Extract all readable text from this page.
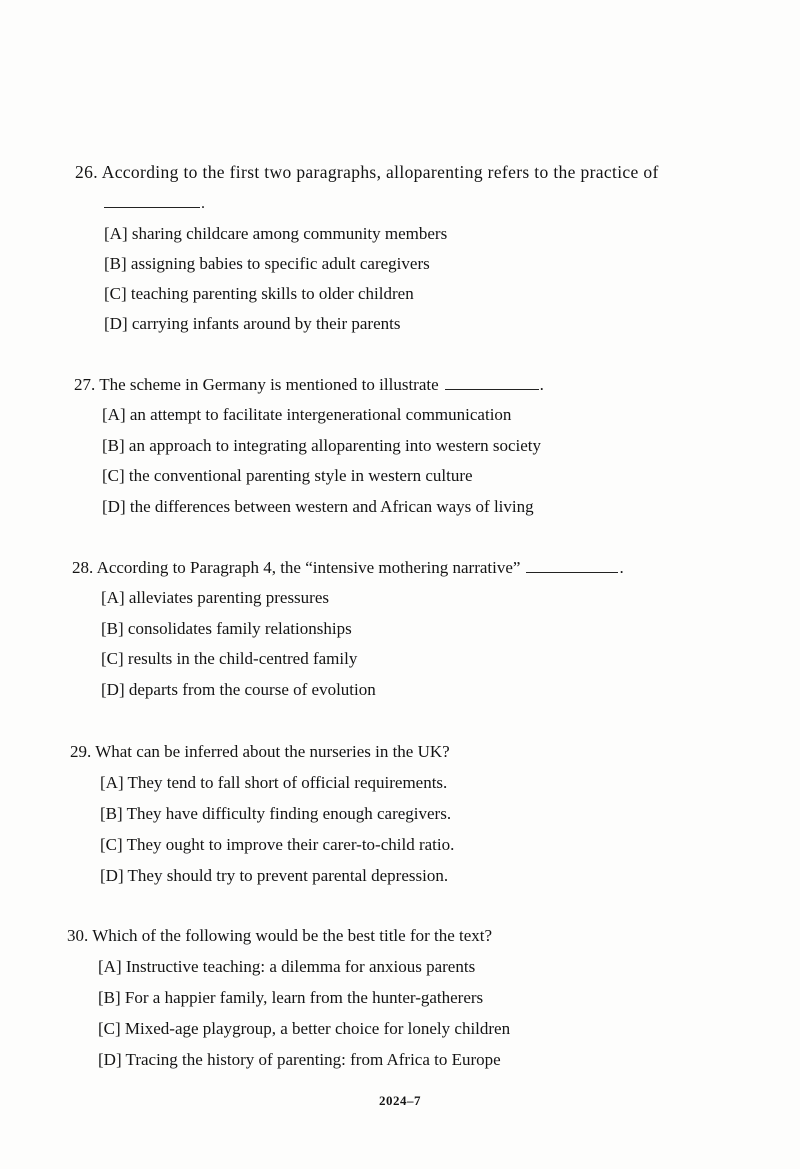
26. According to the first two paragraphs, alloparenting refers to the practice of
.
[A] sharing childcare among community members
[B] assigning babies to specific adult caregivers
[C] teaching parenting skills to older children
[D] carrying infants around by their parents
27. The scheme in Germany is mentioned to illustrate	.
[A] an attempt to facilitate intergenerational communication
[B] an approach to integrating alloparenting into western society
[C] the conventional parenting style in western culture
[D] the differences between western and African ways of living
28. According to Paragraph 4, the “intensive mothering narrative”	.
[A] alleviates parenting pressures
[B] consolidates family relationships
[C] results in the child-centred family
[D] departs from the course of evolution
29. What can be inferred about the nurseries in the UK?
[A] They tend to fall short of official requirements.
[B] They have difficulty finding enough caregivers.
[C] They ought to improve their carer-to-child ratio.
[D] They should try to prevent parental depression.
30. Which of the following would be the best title for the text?
[A] Instructive teaching: a dilemma for anxious parents
[B] For a happier family, learn from the hunter-gatherers
[C] Mixed-age playgroup, a better choice for lonely children
[D] Tracing the history of parenting: from Africa to Europe
2024–7
